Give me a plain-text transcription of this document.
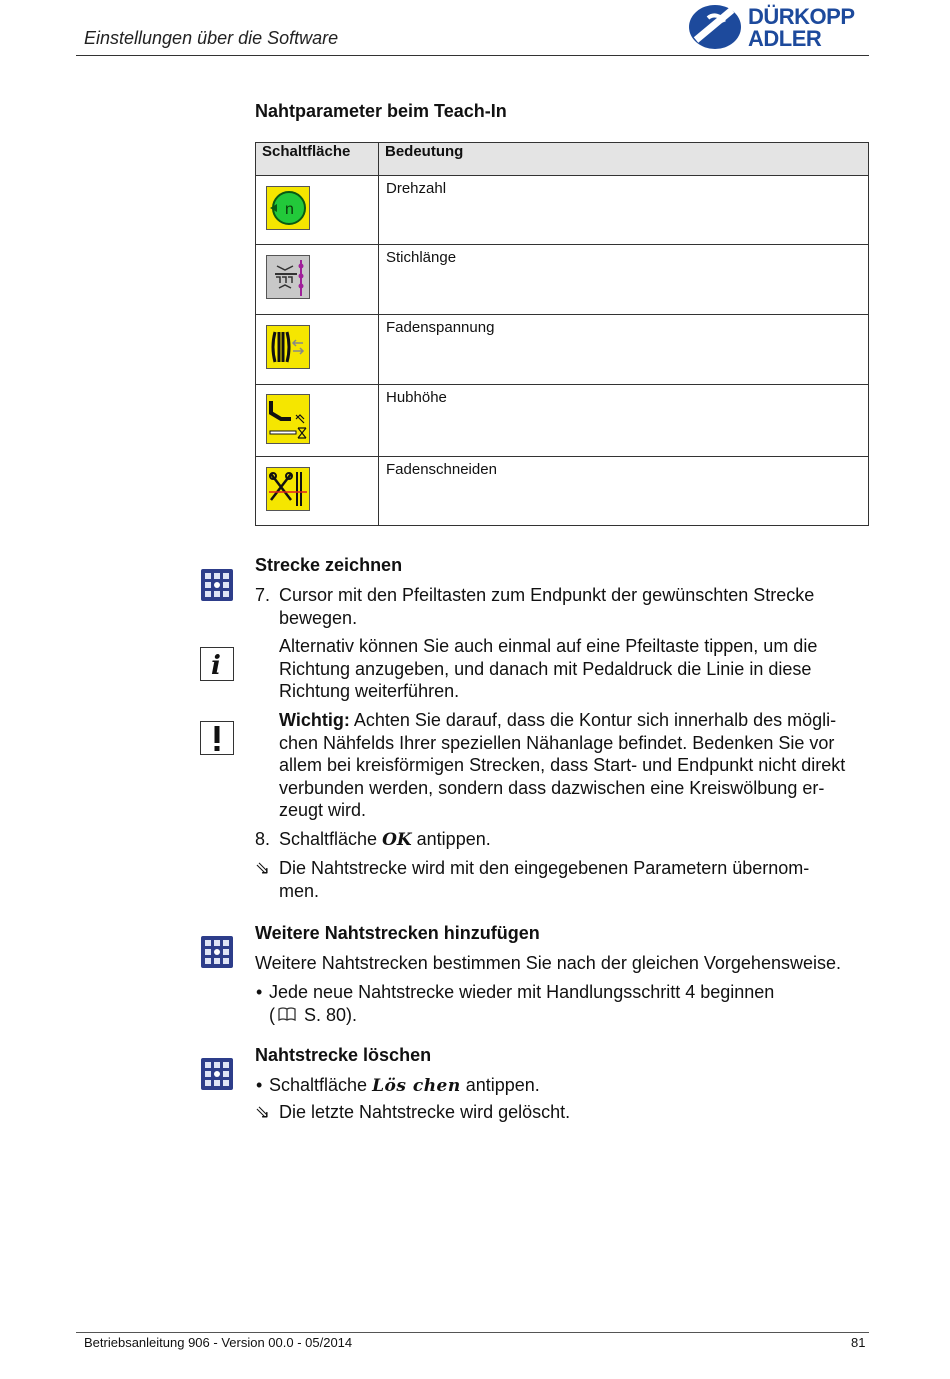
Einstellungen über die Software
DÜRKOPP
ADLER
Nahtparameter beim Teach-In
Schaltfläche	Bedeutung

n	Drehzahl

	Stichlänge

	Fadenspannung

	Hubhöhe

	Fadenschneiden
i
Strecke zeichnen
7. Cursor mit den Pfeiltasten zum Endpunkt der gewünschten Strecke
bewegen.
Alternativ können Sie auch einmal auf eine Pfeiltaste tippen, um die
Richtung anzugeben, und danach mit Pedaldruck die Linie in diese
Richtung weiterführen.
Wichtig: Achten Sie darauf, dass die Kontur sich innerhalb des mögli-
chen Nähfelds Ihrer speziellen Nähanlage befindet. Bedenken Sie vor
allem bei kreisförmigen Strecken, dass Start- und Endpunkt nicht direkt
verbunden werden, sondern dass dazwischen eine Kreiswölbung er-
zeugt wird.
8. Schaltfläche OK antippen.
⇘ Die Nahtstrecke wird mit den eingegebenen Parametern übernom-
men.
Weitere Nahtstrecken hinzufügen
Weitere Nahtstrecken bestimmen Sie nach der gleichen Vorgehensweise.
• Jede neue Nahtstrecke wieder mit Handlungsschritt 4 beginnen
( S. 80).
Nahtstrecke löschen
• Schaltfläche Lös chen antippen.
⇘ Die letzte Nahtstrecke wird gelöscht.
Betriebsanleitung 906 - Version 00.0 - 05/2014	81
